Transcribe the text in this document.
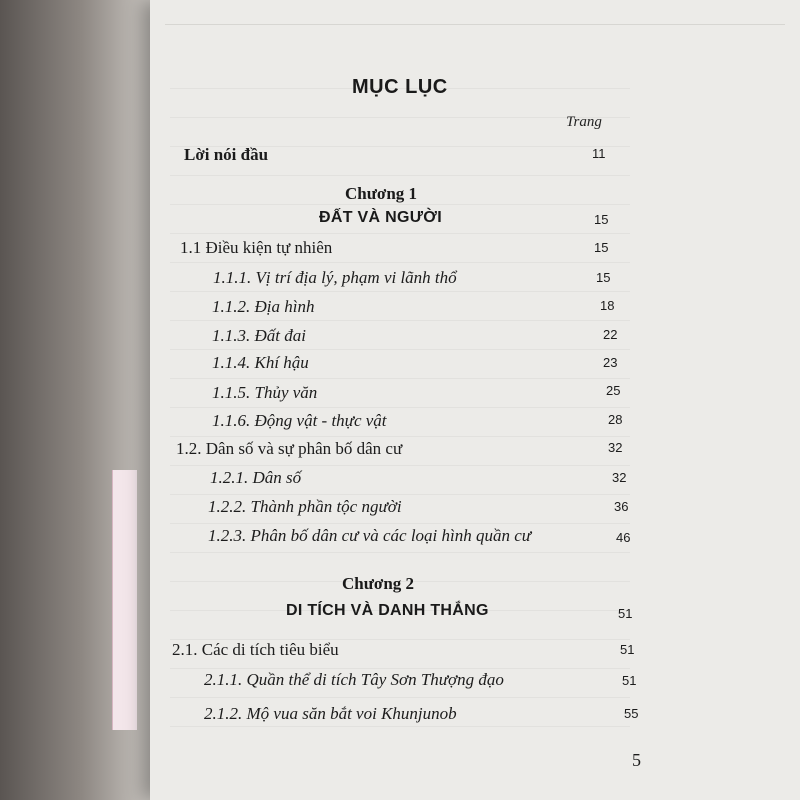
MỤC LỤC
Trang
Lời nói đầu	11
Chương 1
ĐẤT VÀ NGƯỜI	15
1.1 Điều kiện tự nhiên	15
1.1.1. Vị trí địa lý, phạm vi lãnh thổ	15
1.1.2. Địa hình	18
1.1.3. Đất đai	22
1.1.4. Khí hậu	23
1.1.5. Thủy văn	25
1.1.6. Động vật - thực vật	28
1.2. Dân số và sự phân bố dân cư	32
1.2.1. Dân số	32
1.2.2. Thành phần tộc người	36
1.2.3. Phân bố dân cư và các loại hình quần cư	46
Chương 2
DI TÍCH VÀ DANH THẮNG	51
2.1. Các di tích tiêu biểu	51
2.1.1. Quần thể di tích Tây Sơn Thượng đạo	51
2.1.2. Mộ vua săn bắt voi Khunjunob	55
5
